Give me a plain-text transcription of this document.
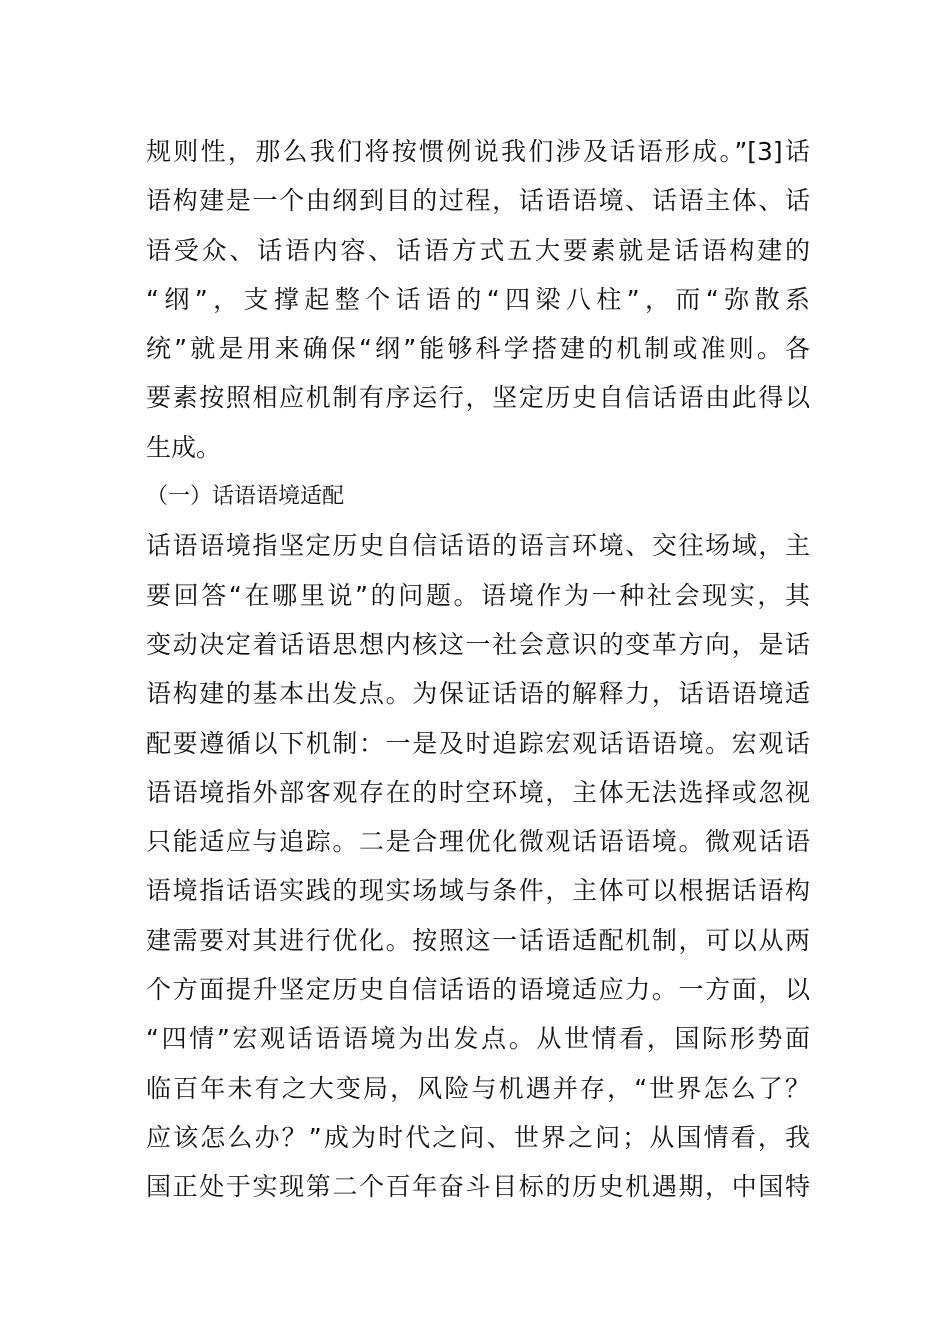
规则性，那么我们将按惯例说我们涉及话语形成。”[3]话
语构建是一个由纲到目的过程，话语语境、话语主体、话
语受众、话语内容、话语方式五大要素就是话语构建的
“纲”，支撑起整个话语的“四梁八柱”，而“弥散系
统”就是用来确保“纲”能够科学搭建的机制或准则。各
要素按照相应机制有序运行，坚定历史自信话语由此得以
生成。
（一）话语语境适配
话语语境指坚定历史自信话语的语言环境、交往场域，主
要回答“在哪里说”的问题。语境作为一种社会现实，其
变动决定着话语思想内核这一社会意识的变革方向，是话
语构建的基本出发点。为保证话语的解释力，话语语境适
配要遵循以下机制：一是及时追踪宏观话语语境。宏观话
语语境指外部客观存在的时空环境，主体无法选择或忽视
只能适应与追踪。二是合理优化微观话语语境。微观话语
语境指话语实践的现实场域与条件，主体可以根据话语构
建需要对其进行优化。按照这一话语适配机制，可以从两
个方面提升坚定历史自信话语的语境适应力。一方面，以
“四情”宏观话语语境为出发点。从世情看，国际形势面
临百年未有之大变局，风险与机遇并存，“世界怎么了？
应该怎么办？”成为时代之问、世界之问；从国情看，我
国正处于实现第二个百年奋斗目标的历史机遇期，中国特
